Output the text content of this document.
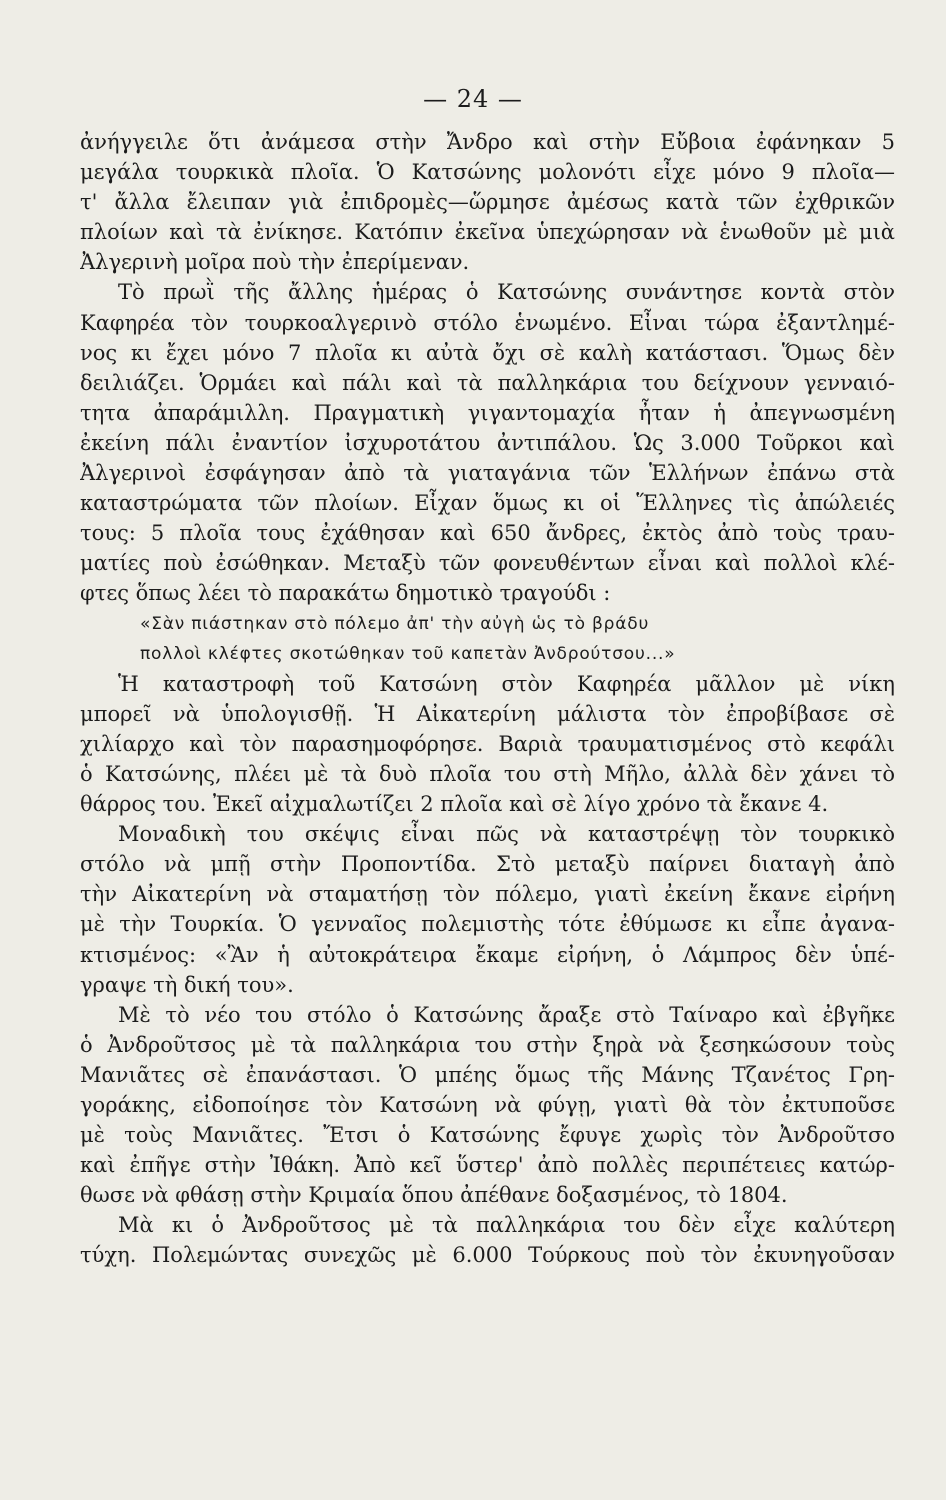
— 24 —
ἀνήγγειλε ὅτι ἀνάμεσα στὴν Ἄνδρο καὶ στὴν Εὔβοια ἐφάνηκαν 5
μεγάλα τουρκικὰ πλοῖα. Ὁ Κατσώνης μολονότι εἶχε μόνο 9 πλοῖα—
τ' ἄλλα ἔλειπαν γιὰ ἐπιδρομὲς—ὥρμησε ἀμέσως κατὰ τῶν ἐχθρικῶν
πλοίων καὶ τὰ ἐνίκησε. Κατόπιν ἐκεῖνα ὑπεχώρησαν νὰ ἑνωθοῦν μὲ μιὰ
Ἀλγερινὴ μοῖρα ποὺ τὴν ἐπερίμεναν.
Τὸ πρωῒ τῆς ἄλλης ἡμέρας ὁ Κατσώνης συνάντησε κοντὰ στὸν
Καφηρέα τὸν τουρκοαλγερινὸ στόλο ἑνωμένο. Εἶναι τώρα ἐξαντλημέ-
νος κι ἔχει μόνο 7 πλοῖα κι αὐτὰ ὄχι σὲ καλὴ κατάστασι. Ὅμως δὲν
δειλιάζει. Ὁρμάει καὶ πάλι καὶ τὰ παλληκάρια του δείχνουν γενναιό-
τητα ἀπαράμιλλη. Πραγματικὴ γιγαντομαχία ἦταν ἡ ἀπεγνωσμένη
ἐκείνη πάλι ἐναντίον ἰσχυροτάτου ἀντιπάλου. Ὡς 3.000 Τοῦρκοι καὶ
Ἀλγερινοὶ ἐσφάγησαν ἀπὸ τὰ γιαταγάνια τῶν Ἑλλήνων ἐπάνω στὰ
καταστρώματα τῶν πλοίων. Εἶχαν ὅμως κι οἱ Ἕλληνες τὶς ἀπώλειές
τους: 5 πλοῖα τους ἐχάθησαν καὶ 650 ἄνδρες, ἐκτὸς ἀπὸ τοὺς τραυ-
ματίες ποὺ ἐσώθηκαν. Μεταξὺ τῶν φονευθέντων εἶναι καὶ πολλοὶ κλέ-
φτες ὅπως λέει τὸ παρακάτω δημοτικὸ τραγούδι :
«Σὰν πιάστηκαν στὸ πόλεμο ἀπ' τὴν αὐγὴ ὡς τὸ βράδυ
πολλοὶ κλέφτες σκοτώθηκαν τοῦ καπετὰν Ἀνδρούτσου...»
Ἡ καταστροφὴ τοῦ Κατσώνη στὸν Καφηρέα μᾶλλον μὲ νίκη
μπορεῖ νὰ ὑπολογισθῇ. Ἡ Αἰκατερίνη μάλιστα τὸν ἐπροβίβασε σὲ
χιλίαρχο καὶ τὸν παρασημοφόρησε. Βαριὰ τραυματισμένος στὸ κεφάλι
ὁ Κατσώνης, πλέει μὲ τὰ δυὸ πλοῖα του στὴ Μῆλο, ἀλλὰ δὲν χάνει τὸ
θάρρος του. Ἐκεῖ αἰχμαλωτίζει 2 πλοῖα καὶ σὲ λίγο χρόνο τὰ ἔκανε 4.
Μοναδικὴ του σκέψις εἶναι πῶς νὰ καταστρέψῃ τὸν τουρκικὸ
στόλο νὰ μπῇ στὴν Προποντίδα. Στὸ μεταξὺ παίρνει διαταγὴ ἀπὸ
τὴν Αἰκατερίνη νὰ σταματήσῃ τὸν πόλεμο, γιατὶ ἐκείνη ἔκανε εἰρήνη
μὲ τὴν Τουρκία. Ὁ γενναῖος πολεμιστὴς τότε ἐθύμωσε κι εἶπε ἀγανα-
κτισμένος: «Ἂν ἡ αὐτοκράτειρα ἔκαμε εἰρήνη, ὁ Λάμπρος δὲν ὑπέ-
γραψε τὴ δική του».
Μὲ τὸ νέο του στόλο ὁ Κατσώνης ἄραξε στὸ Ταίναρο καὶ ἐβγῆκε
ὁ Ἀνδροῦτσος μὲ τὰ παλληκάρια του στὴν ξηρὰ νὰ ξεσηκώσουν τοὺς
Μανιᾶτες σὲ ἐπανάστασι. Ὁ μπέης ὅμως τῆς Μάνης Τζανέτος Γρη-
γοράκης, εἰδοποίησε τὸν Κατσώνη νὰ φύγῃ, γιατὶ θὰ τὸν ἐκτυποῦσε
μὲ τοὺς Μανιᾶτες. Ἔτσι ὁ Κατσώνης ἔφυγε χωρὶς τὸν Ἀνδροῦτσο
καὶ ἐπῆγε στὴν Ἰθάκη. Ἀπὸ κεῖ ὕστερ' ἀπὸ πολλὲς περιπέτειες κατώρ-
θωσε νὰ φθάσῃ στὴν Κριμαία ὅπου ἀπέθανε δοξασμένος, τὸ 1804.
Μὰ κι ὁ Ἀνδροῦτσος μὲ τὰ παλληκάρια του δὲν εἶχε καλύτερη
τύχη. Πολεμώντας συνεχῶς μὲ 6.000 Τούρκους ποὺ τὸν ἐκυνηγοῦσαν
